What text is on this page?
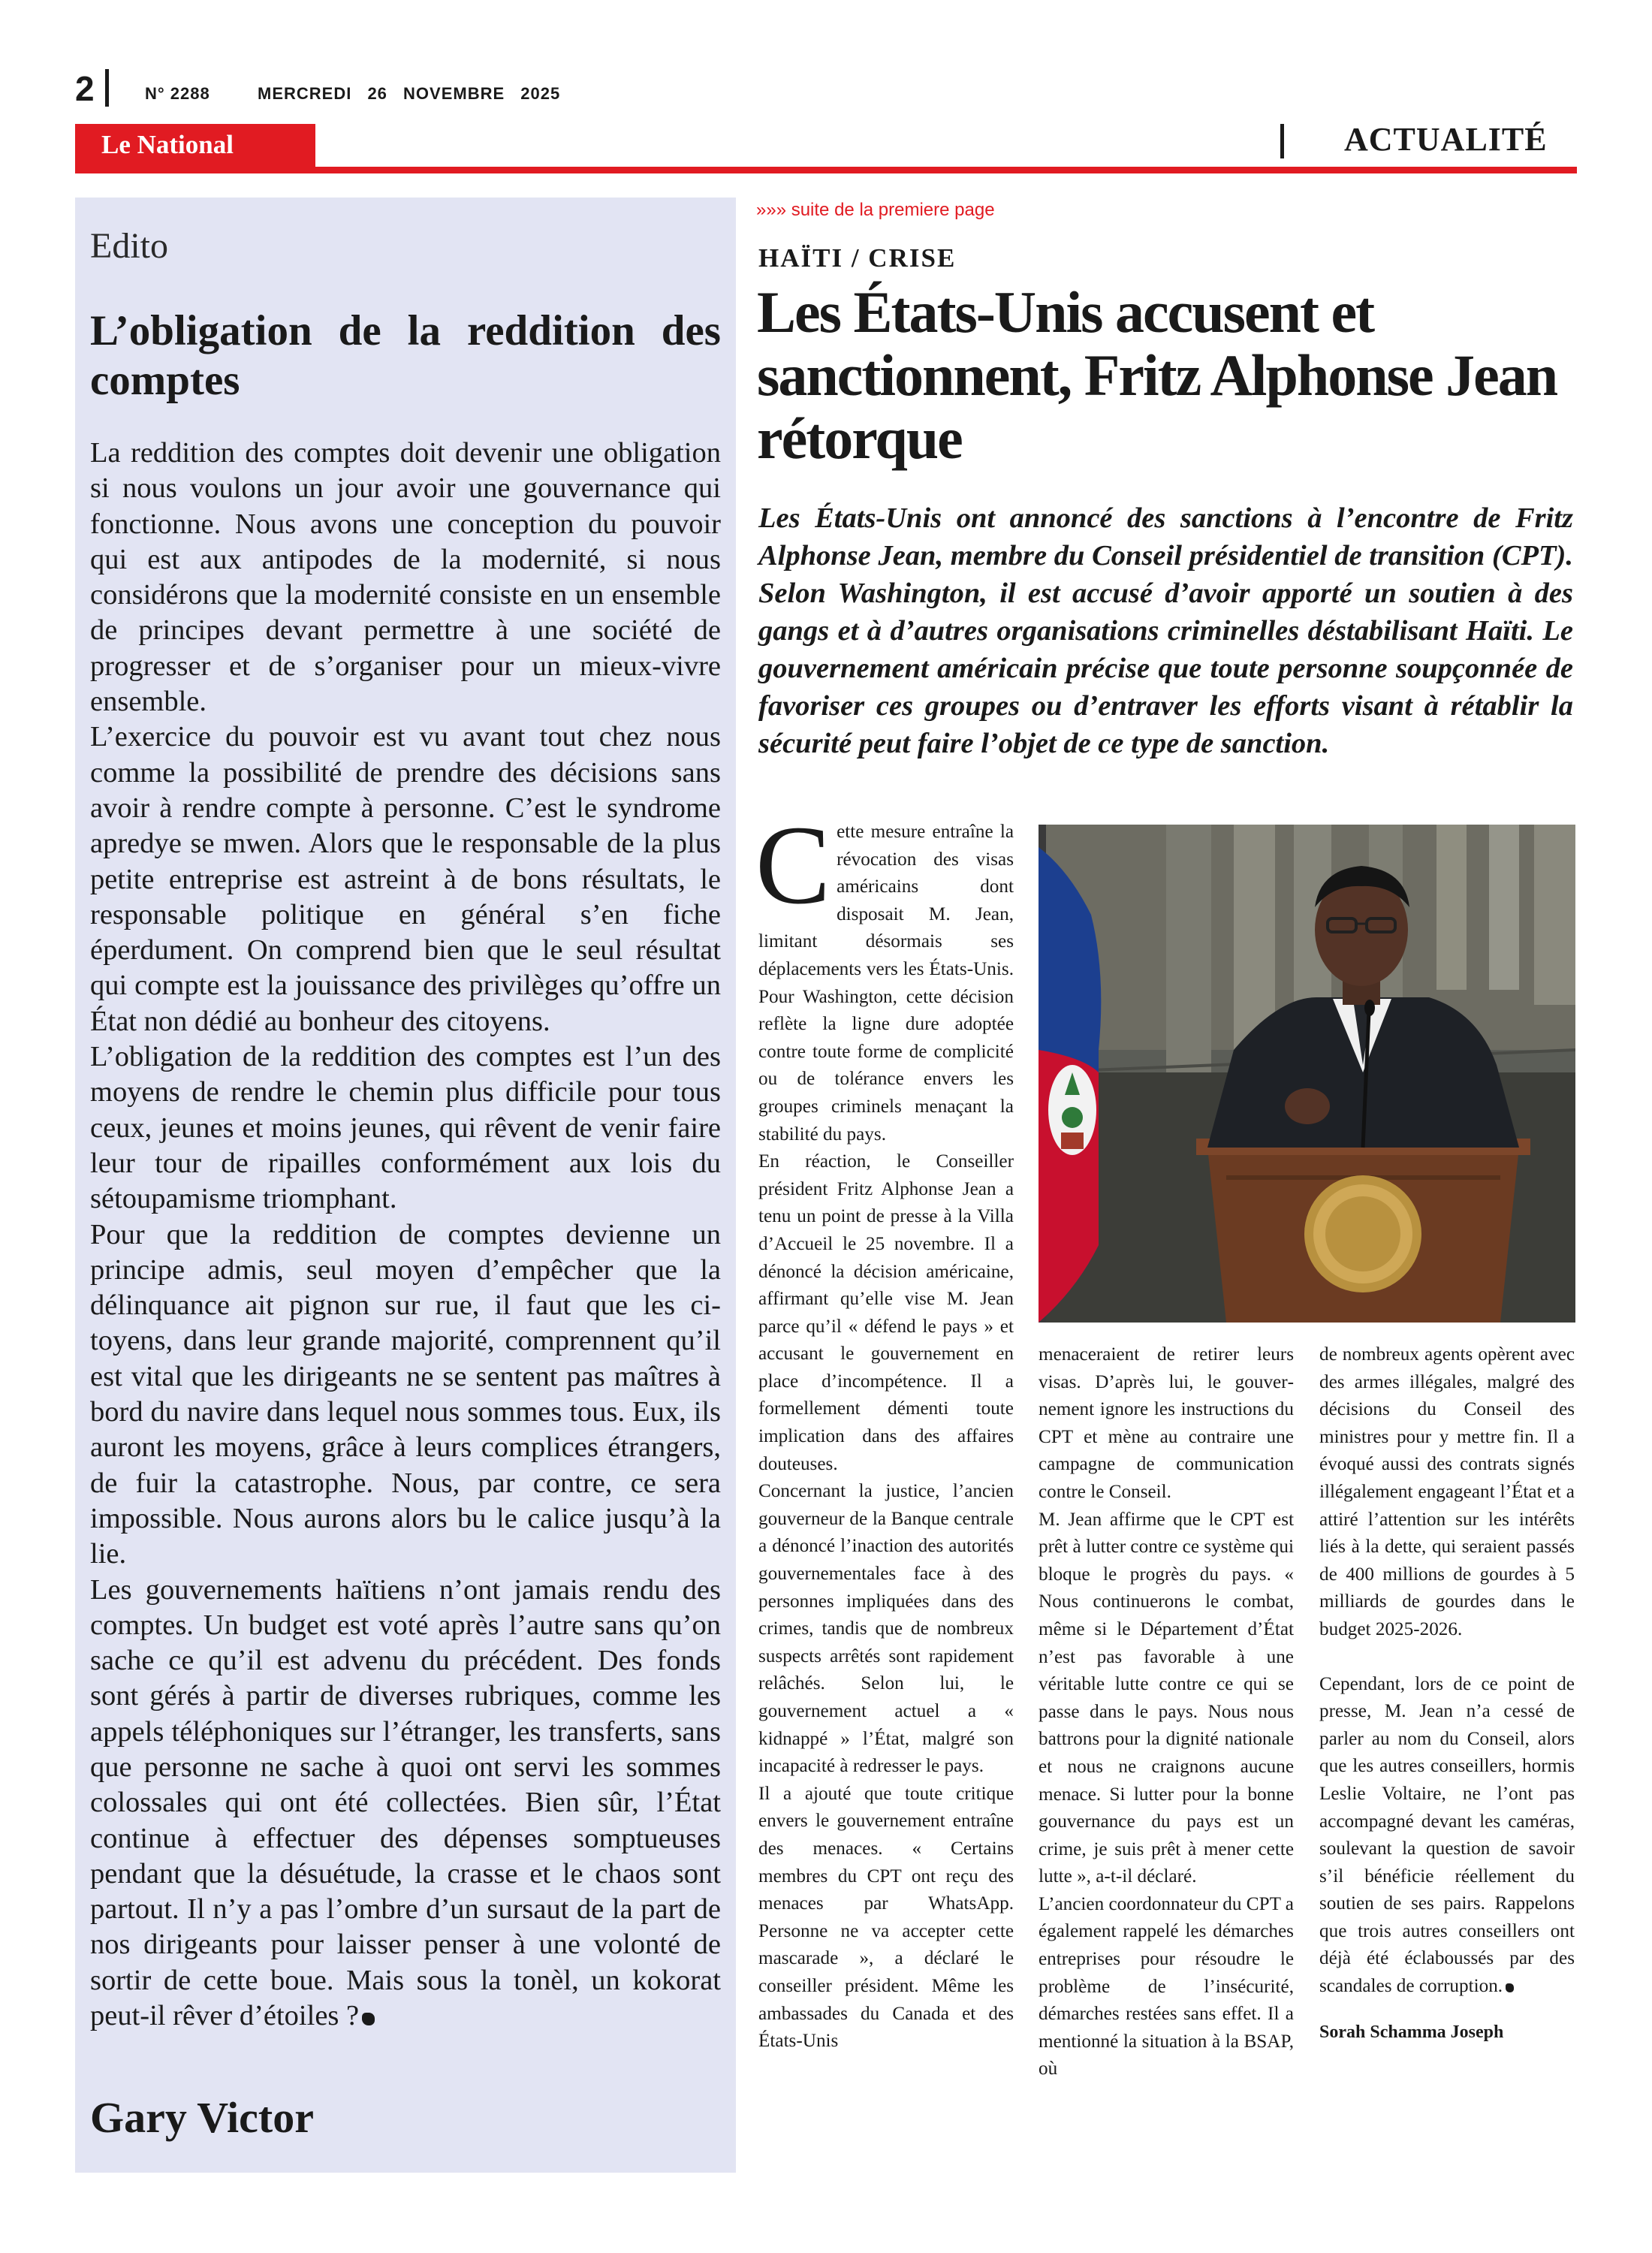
2	N° 2288	MERCREDI 26 NOVEMBRE 2025
Le National	ACTUALITÉ
Edito
L’obligation de la reddition des comptes

La reddition des comptes doit devenir une obligation si nous voulons un jour avoir une gouvernance qui fonctionne. Nous avons une conception du pouvoir qui est aux antipodes de la modernité, si nous considérons que la modernité consiste en un ensemble de principes devant permettre à une société de progresser et de s’organiser pour un mieux-vivre ensemble.

L’exercice du pouvoir est vu avant tout chez nous comme la possibilité de prendre des décisions sans avoir à rendre compte à personne. C’est le syndrome apredye se mwen. Alors que le responsable de la plus petite entreprise est astreint à de bons résultats, le responsable politique en général s’en fiche éperdument. On comprend bien que le seul résultat qui compte est la jouissance des privilèges qu’offre un État non dédié au bonheur des citoyens.

L’obligation de la reddition des comptes est l’un des moyens de rendre le chemin plus difficile pour tous ceux, jeunes et moins jeunes, qui rêvent de venir faire leur tour de ripailles conformément aux lois du sétoupamisme triomphant.

Pour que la reddition de comptes devienne un principe admis, seul moyen d’empêcher que la délinquance ait pignon sur rue, il faut que les citoyens, dans leur grande majorité, comprennent qu’il est vital que les dirigeants ne se sentent pas maîtres à bord du navire dans lequel nous sommes tous. Eux, ils auront les moyens, grâce à leurs complices étrangers, de fuir la catastrophe. Nous, par contre, ce sera impossible. Nous aurons alors bu le calice jusqu’à la lie.

Les gouvernements haïtiens n’ont jamais rendu des comptes. Un budget est voté après l’autre sans qu’on sache ce qu’il est advenu du précédent. Des fonds sont gérés à partir de diverses rubriques, comme les appels téléphoniques sur l’étranger, les transferts, sans que personne ne sache à quoi ont servi les sommes colossales qui ont été collectées. Bien sûr, l’État continue à effectuer des dépenses somptueuses pendant que la désuétude, la crasse et le chaos sont partout. Il n’y a pas l’ombre d’un sursaut de la part de nos dirigeants pour laisser penser à une volonté de sortir de cette boue. Mais sous la tonèl, un kokorat peut-il rêver d’étoiles ?

Gary Victor
»»» suite de la premiere page
HAÏTI / CRISE
Les États-Unis accusent et sanctionnent, Fritz Alphonse Jean rétorque
Les États-Unis ont annoncé des sanctions à l’encontre de Fritz Alphonse Jean, membre du Conseil présidentiel de transition (CPT). Selon Washington, il est accusé d’avoir apporté un soutien à des gangs et à d’autres organisations criminelles déstabilisant Haïti. Le gouvernement américain précise que toute personne soupçonnée de favoriser ces groupes ou d’entraver les efforts visant à rétablir la sécurité peut faire l’objet de ce type de sanction.
C ette mesure entraîne la révocation des visas américains dont disposait M. Jean, limitant désormais ses déplacements vers les États-Unis. Pour Washington, cette décision reflète la ligne dure adoptée contre toute forme de complicité ou de tolérance envers les groupes criminels menaçant la stabilité du pays.

En réaction, le Conseiller président Fritz Alphonse Jean a tenu un point de presse à la Villa d’Accueil le 25 novembre. Il a dénoncé la décision américaine, affirmant qu’elle vise M. Jean parce qu’il « défend le pays » et accusant le gouvernement en place d’incompétence. Il a formellement démenti toute implication dans des affaires douteuses.

Concernant la justice, l’ancien gouverneur de la Banque centrale a dénoncé l’inaction des autorités gouvernementales face à des personnes impliquées dans des crimes, tandis que de nombreux suspects arrêtés sont rapidement relâchés. Selon lui, le gouvernement actuel a « kidnappé » l’État, malgré son incapacité à redresser le pays.

Il a ajouté que toute critique envers le gouvernement entraîne des menaces. « Certains membres du CPT ont reçu des menaces par WhatsApp. Personne ne va accepter cette mascarade », a déclaré le conseiller président. Même les ambassades du Canada et des États-Unis

menaceraient de retirer leurs visas. D’après lui, le gouvernement ignore les instructions du CPT et mène au contraire une campagne de communication contre le Conseil.

M. Jean affirme que le CPT est prêt à lutter contre ce système qui bloque le progrès du pays. « Nous continuerons le combat, même si le Département d’État n’est pas favorable à une véritable lutte contre ce qui se passe dans le pays. Nous nous battrons pour la dignité nationale et nous ne craignons aucune menace. Si lutter pour la bonne gouvernance du pays est un crime, je suis prêt à mener cette lutte », a-t-il déclaré.

L’ancien coordonnateur du CPT a également rappelé les démarches entreprises pour résoudre le problème de l’insécurité, démarches restées sans effet. Il a mentionné la situation à la BSAP, où

de nombreux agents opèrent avec des armes illégales, malgré des décisions du Conseil des ministres pour y mettre fin. Il a évoqué aussi des contrats signés illégalement engageant l’État et a attiré l’attention sur les intérêts liés à la dette, qui seraient passés de 400 millions de gourdes à 5 milliards de gourdes dans le budget 2025-2026.

Cependant, lors de ce point de presse, M. Jean n’a cessé de parler au nom du Conseil, alors que les autres conseillers, hormis Leslie Voltaire, ne l’ont pas accompagné devant les caméras, soulevant la question de savoir s’il bénéficie réellement du soutien de ses pairs. Rappelons que trois autres conseillers ont déjà été éclaboussés par des scandales de corruption.

Sorah Schamma Joseph
